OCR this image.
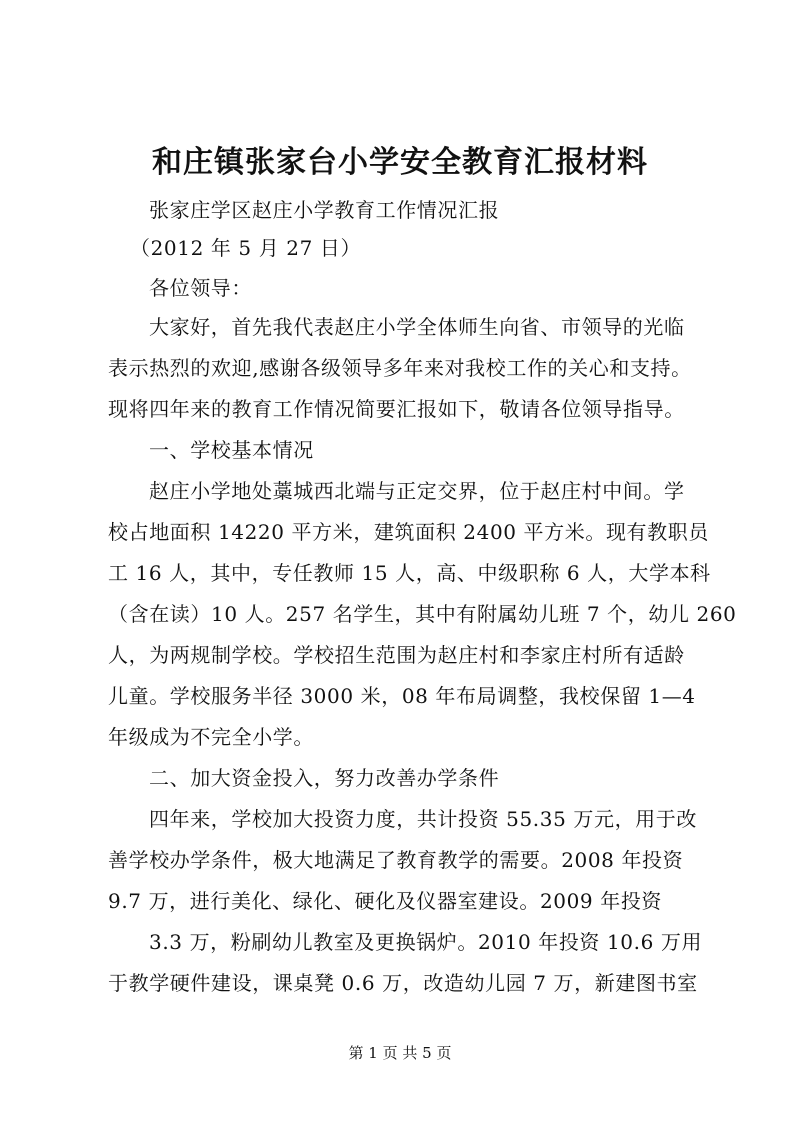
和庄镇张家台小学安全教育汇报材料
张家庄学区赵庄小学教育工作情况汇报
（2012 年 5 月 27 日）
各位领导：
大家好，首先我代表赵庄小学全体师生向省、市领导的光临
表示热烈的欢迎,感谢各级领导多年来对我校工作的关心和支持。
现将四年来的教育工作情况简要汇报如下，敬请各位领导指导。
一、学校基本情况
赵庄小学地处藁城西北端与正定交界，位于赵庄村中间。学
校占地面积 14220 平方米，建筑面积 2400 平方米。现有教职员
工 16 人，其中，专任教师 15 人，高、中级职称 6 人，大学本科
（含在读）10 人。257 名学生，其中有附属幼儿班 7 个，幼儿 260
人，为两规制学校。学校招生范围为赵庄村和李家庄村所有适龄
儿童。学校服务半径 3000 米，08 年布局调整，我校保留 1—4
年级成为不完全小学。
二、加大资金投入，努力改善办学条件
四年来，学校加大投资力度，共计投资 55.35 万元，用于改
善学校办学条件，极大地满足了教育教学的需要。2008 年投资
9.7 万，进行美化、绿化、硬化及仪器室建设。2009 年投资
3.3 万，粉刷幼儿教室及更换锅炉。2010 年投资 10.6 万用
于教学硬件建设，课桌凳 0.6 万，改造幼儿园 7 万，新建图书室
第 1 页 共 5 页
